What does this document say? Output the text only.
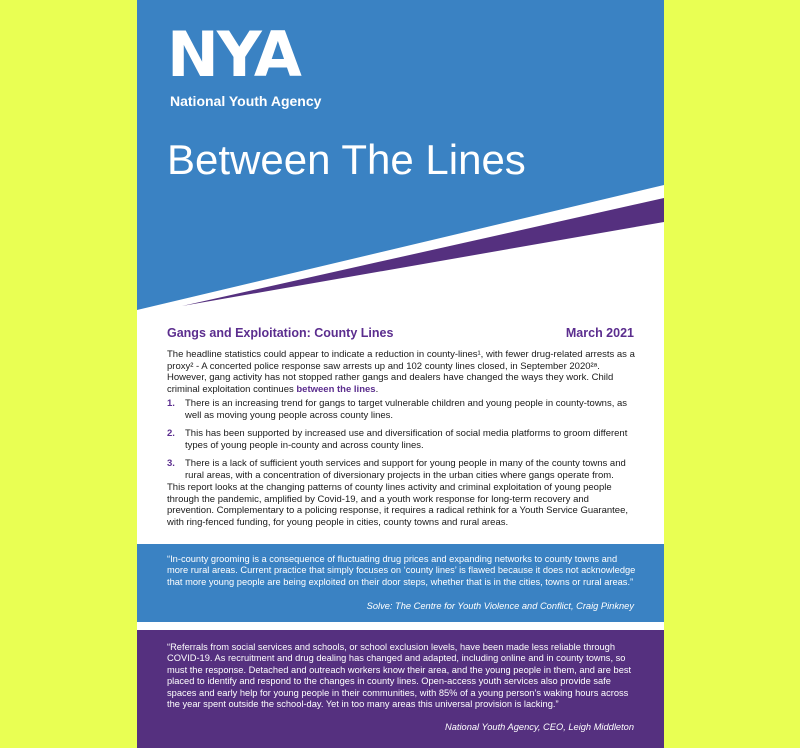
NYA
National Youth Agency
Between The Lines
Gangs and Exploitation: County Lines	March 2021

The headline statistics could appear to indicate a reduction in county-lines¹, with fewer drug-related arrests as a proxy² - A concerted police response saw arrests up and 102 county lines closed, in September 2020²ᵃ. However, gang activity has not stopped rather gangs and dealers have changed the ways they work. Child criminal exploitation continues between the lines.

1.	There is an increasing trend for gangs to target vulnerable children and young people in county-towns, as well as moving young people across county lines.
2.	This has been supported by increased use and diversification of social media platforms to groom different types of young people in-county and across county lines.
3.	There is a lack of sufficient youth services and support for young people in many of the county towns and rural areas, with a concentration of diversionary projects in the urban cities where gangs operate from.

This report looks at the changing patterns of county lines activity and criminal exploitation of young people through the pandemic, amplified by Covid-19, and a youth work response for long-term recovery and prevention. Complementary to a policing response, it requires a radical rethink for a Youth Service Guarantee, with ring-fenced funding, for young people in cities, county towns and rural areas.

“In-county grooming is a consequence of fluctuating drug prices and expanding networks to county towns and more rural areas. Current practice that simply focuses on ‘county lines’ is flawed because it does not acknowledge that more young people are being exploited on their door steps, whether that is in the cities, towns or rural areas.”

Solve: The Centre for Youth Violence and Conflict, Craig Pinkney

“Referrals from social services and schools, or school exclusion levels, have been made less reliable through COVID-19. As recruitment and drug dealing has changed and adapted, including online and in county towns, so must the response. Detached and outreach workers know their area, and the young people in them, and are best placed to identify and respond to the changes in county lines. Open-access youth services also provide safe spaces and early help for young people in their communities, with 85% of a young person’s waking hours across the year spent outside the school-day. Yet in too many areas this universal provision is lacking.”

National Youth Agency, CEO, Leigh Middleton
